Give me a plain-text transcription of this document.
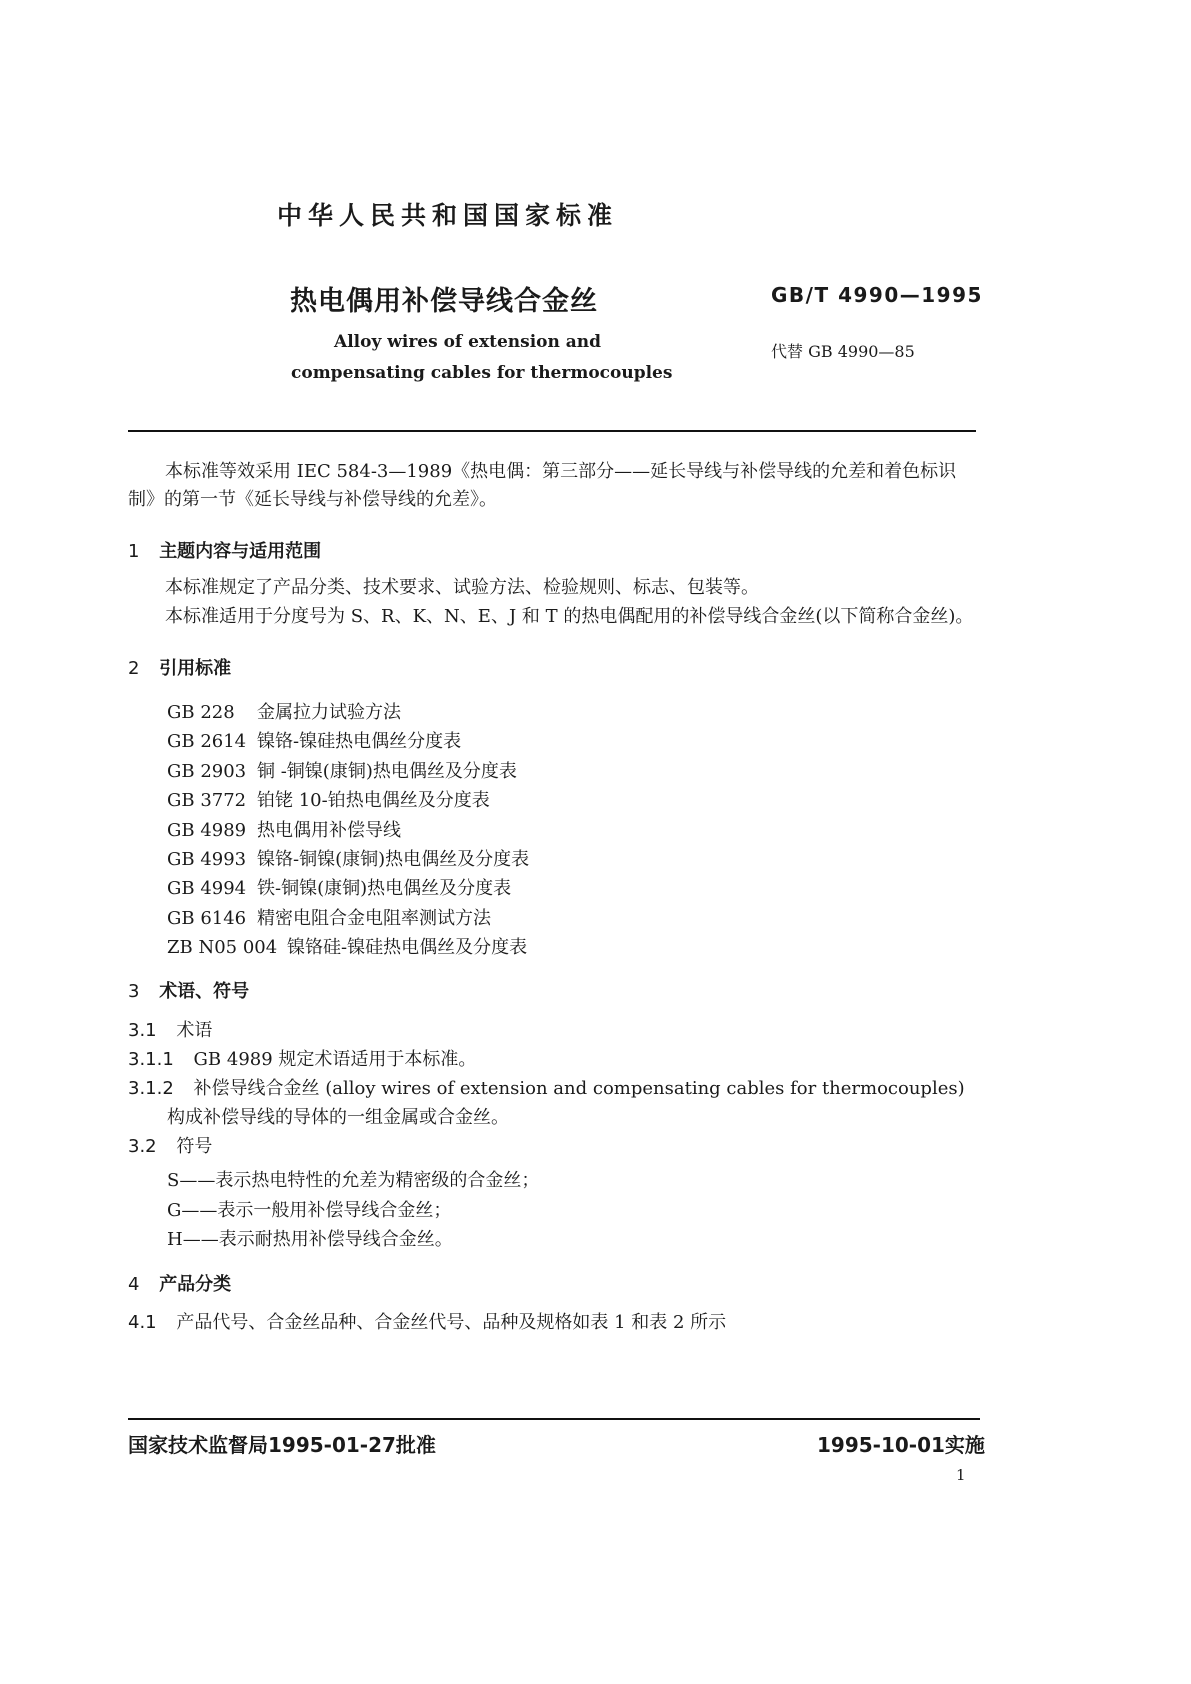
中华人民共和国国家标准
热电偶用补偿导线合金丝	GB/T 4990—1995
Alloy wires of extension and
compensating cables for thermocouples
代替 GB 4990—85
本标准等效采用 IEC 584-3—1989《热电偶：第三部分——延长导线与补偿导线的允差和着色标识
制》的第一节《延长导线与补偿导线的允差》。
1 主题内容与适用范围
本标准规定了产品分类、技术要求、试验方法、检验规则、标志、包装等。
本标准适用于分度号为 S、R、K、N、E、J 和 T 的热电偶配用的补偿导线合金丝(以下简称合金丝)。
2 引用标准
GB 228 金属拉力试验方法
GB 2614 镍铬-镍硅热电偶丝分度表
GB 2903 铜 -铜镍(康铜)热电偶丝及分度表
GB 3772 铂铑 10-铂热电偶丝及分度表
GB 4989 热电偶用补偿导线
GB 4993 镍铬-铜镍(康铜)热电偶丝及分度表
GB 4994 铁-铜镍(康铜)热电偶丝及分度表
GB 6146 精密电阻合金电阻率测试方法
ZB N05 004 镍铬硅-镍硅热电偶丝及分度表
3 术语、符号
3.1 术语
3.1.1 GB 4989 规定术语适用于本标准。
3.1.2 补偿导线合金丝 (alloy wires of extension and compensating cables for thermocouples)
构成补偿导线的导体的一组金属或合金丝。
3.2 符号
S——表示热电特性的允差为精密级的合金丝；
G——表示一般用补偿导线合金丝；
H——表示耐热用补偿导线合金丝。
4 产品分类
4.1 产品代号、合金丝品种、合金丝代号、品种及规格如表 1 和表 2 所示
国家技术监督局1995-01-27批准	1995-10-01实施
1
